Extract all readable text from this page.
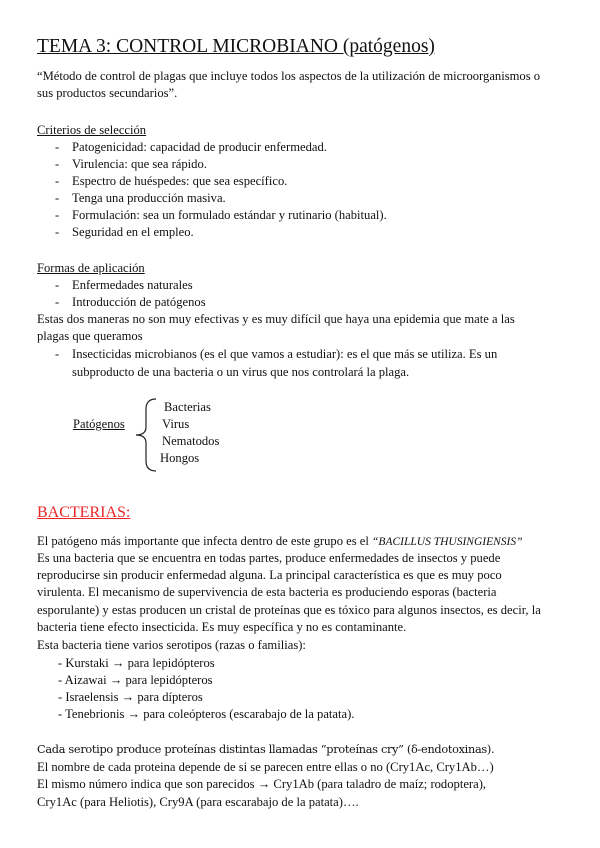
TEMA 3: CONTROL MICROBIANO (patógenos)
“Método de control de plagas que incluye todos los aspectos de la utilización de microorganismos o
sus productos secundarios”.
Criterios de selección
- Patogenicidad: capacidad de producir enfermedad.
- Virulencia: que sea rápido.
- Espectro de huéspedes: que sea específico.
- Tenga una producción masiva.
- Formulación: sea un formulado estándar y rutinario (habitual).
- Seguridad en el empleo.
Formas de aplicación
- Enfermedades naturales
- Introducción de patógenos
Estas dos maneras no son muy efectivas y es muy difícil que haya una epidemia que mate a las
plagas que queramos
- Insecticidas microbianos (es el que vamos a estudiar): es el que más se utiliza. Es un
subproducto de una bacteria o un virus que nos controlará la plaga.
Patógenos
Bacterias
Virus
Nematodos
Hongos
BACTERIAS:
El patógeno más importante que infecta dentro de este grupo es el “BACILLUS THUSINGIENSIS”
Es una bacteria que se encuentra en todas partes, produce enfermedades de insectos y puede
reproducirse sin producir enfermedad alguna. La principal característica es que es muy poco
virulenta. El mecanismo de supervivencia de esta bacteria es produciendo esporas (bacteria
esporulante) y estas producen un cristal de proteínas que es tóxico para algunos insectos, es decir, la
bacteria tiene efecto insecticida. Es muy específica y no es contaminante.
Esta bacteria tiene varios serotipos (razas o familias):
- Kurstaki → para lepidópteros
- Aizawai → para lepidópteros
- Israelensis → para dípteros
- Tenebrionis → para coleópteros (escarabajo de la patata).
Cada serotipo produce proteínas distintas llamadas “proteínas cry” (δ-endotoxinas).
El nombre de cada proteina depende de si se parecen entre ellas o no (Cry1Ac, Cry1Ab…)
El mismo número indica que son parecidos → Cry1Ab (para taladro de maíz; rodoptera),
Cry1Ac (para Heliotis), Cry9A (para escarabajo de la patata)….
